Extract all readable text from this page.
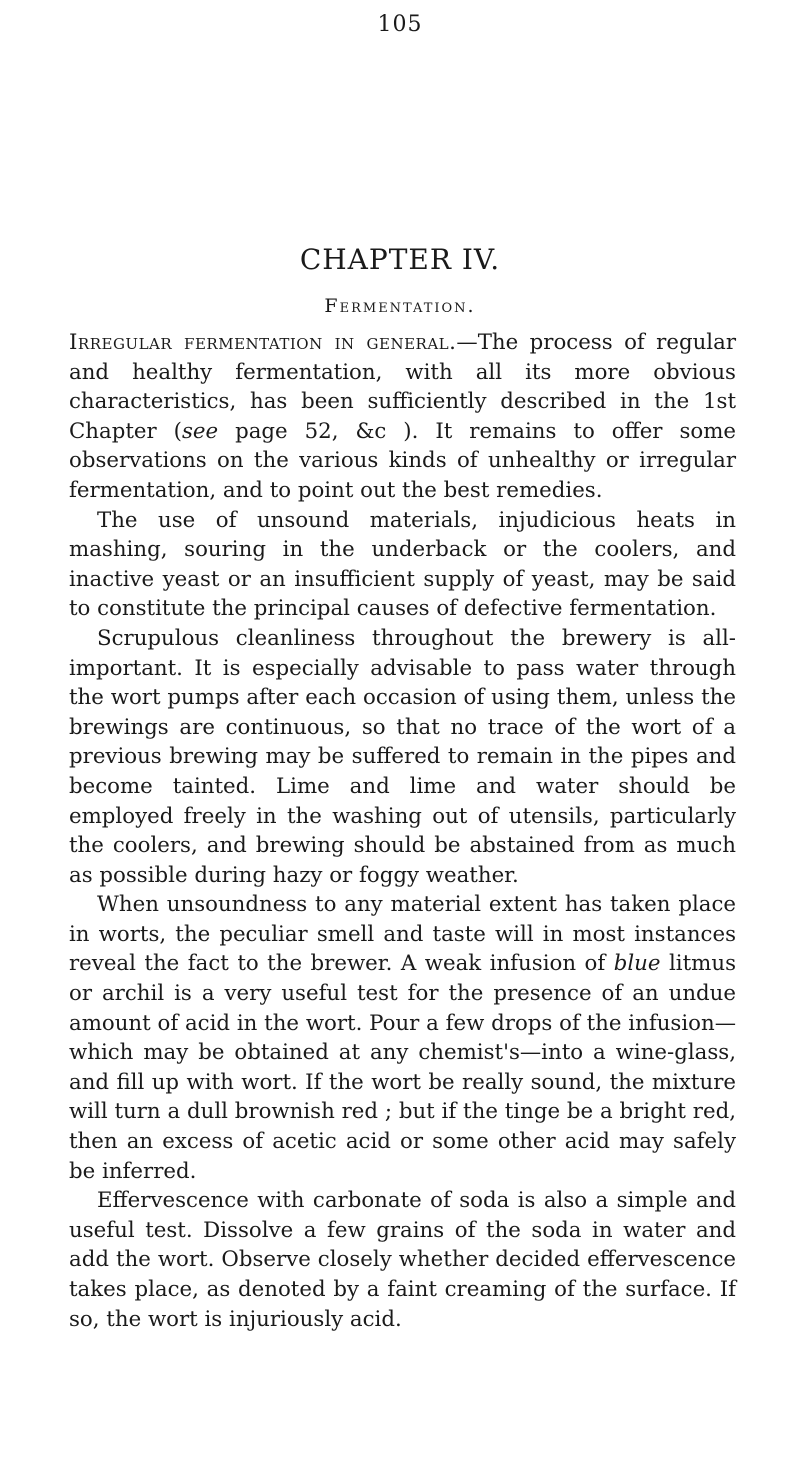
105
CHAPTER IV.
Fermentation.

Irregular fermentation in general.—The process of regular and healthy fermentation, with all its more obvious characteristics, has been sufficiently described in the 1st Chapter (see page 52, &c ). It remains to offer some observations on the various kinds of unhealthy or irregular fermentation, and to point out the best remedies.

The use of unsound materials, injudicious heats in mashing, souring in the underback or the coolers, and inactive yeast or an insufficient supply of yeast, may be said to constitute the principal causes of defective fermentation.

Scrupulous cleanliness throughout the brewery is all-important. It is especially advisable to pass water through the wort pumps after each occasion of using them, unless the brewings are continuous, so that no trace of the wort of a previous brewing may be suffered to remain in the pipes and become tainted. Lime and lime and water should be employed freely in the washing out of utensils, particularly the coolers, and brewing should be abstained from as much as possible during hazy or foggy weather.

When unsoundness to any material extent has taken place in worts, the peculiar smell and taste will in most instances reveal the fact to the brewer. A weak infusion of blue litmus or archil is a very useful test for the presence of an undue amount of acid in the wort. Pour a few drops of the infusion—which may be obtained at any chemist's—into a wine-glass, and fill up with wort. If the wort be really sound, the mixture will turn a dull brownish red ; but if the tinge be a bright red, then an excess of acetic acid or some other acid may safely be inferred.

Effervescence with carbonate of soda is also a simple and useful test. Dissolve a few grains of the soda in water and add the wort. Observe closely whether decided effervescence takes place, as denoted by a faint creaming of the surface. If so, the wort is injuriously acid.
